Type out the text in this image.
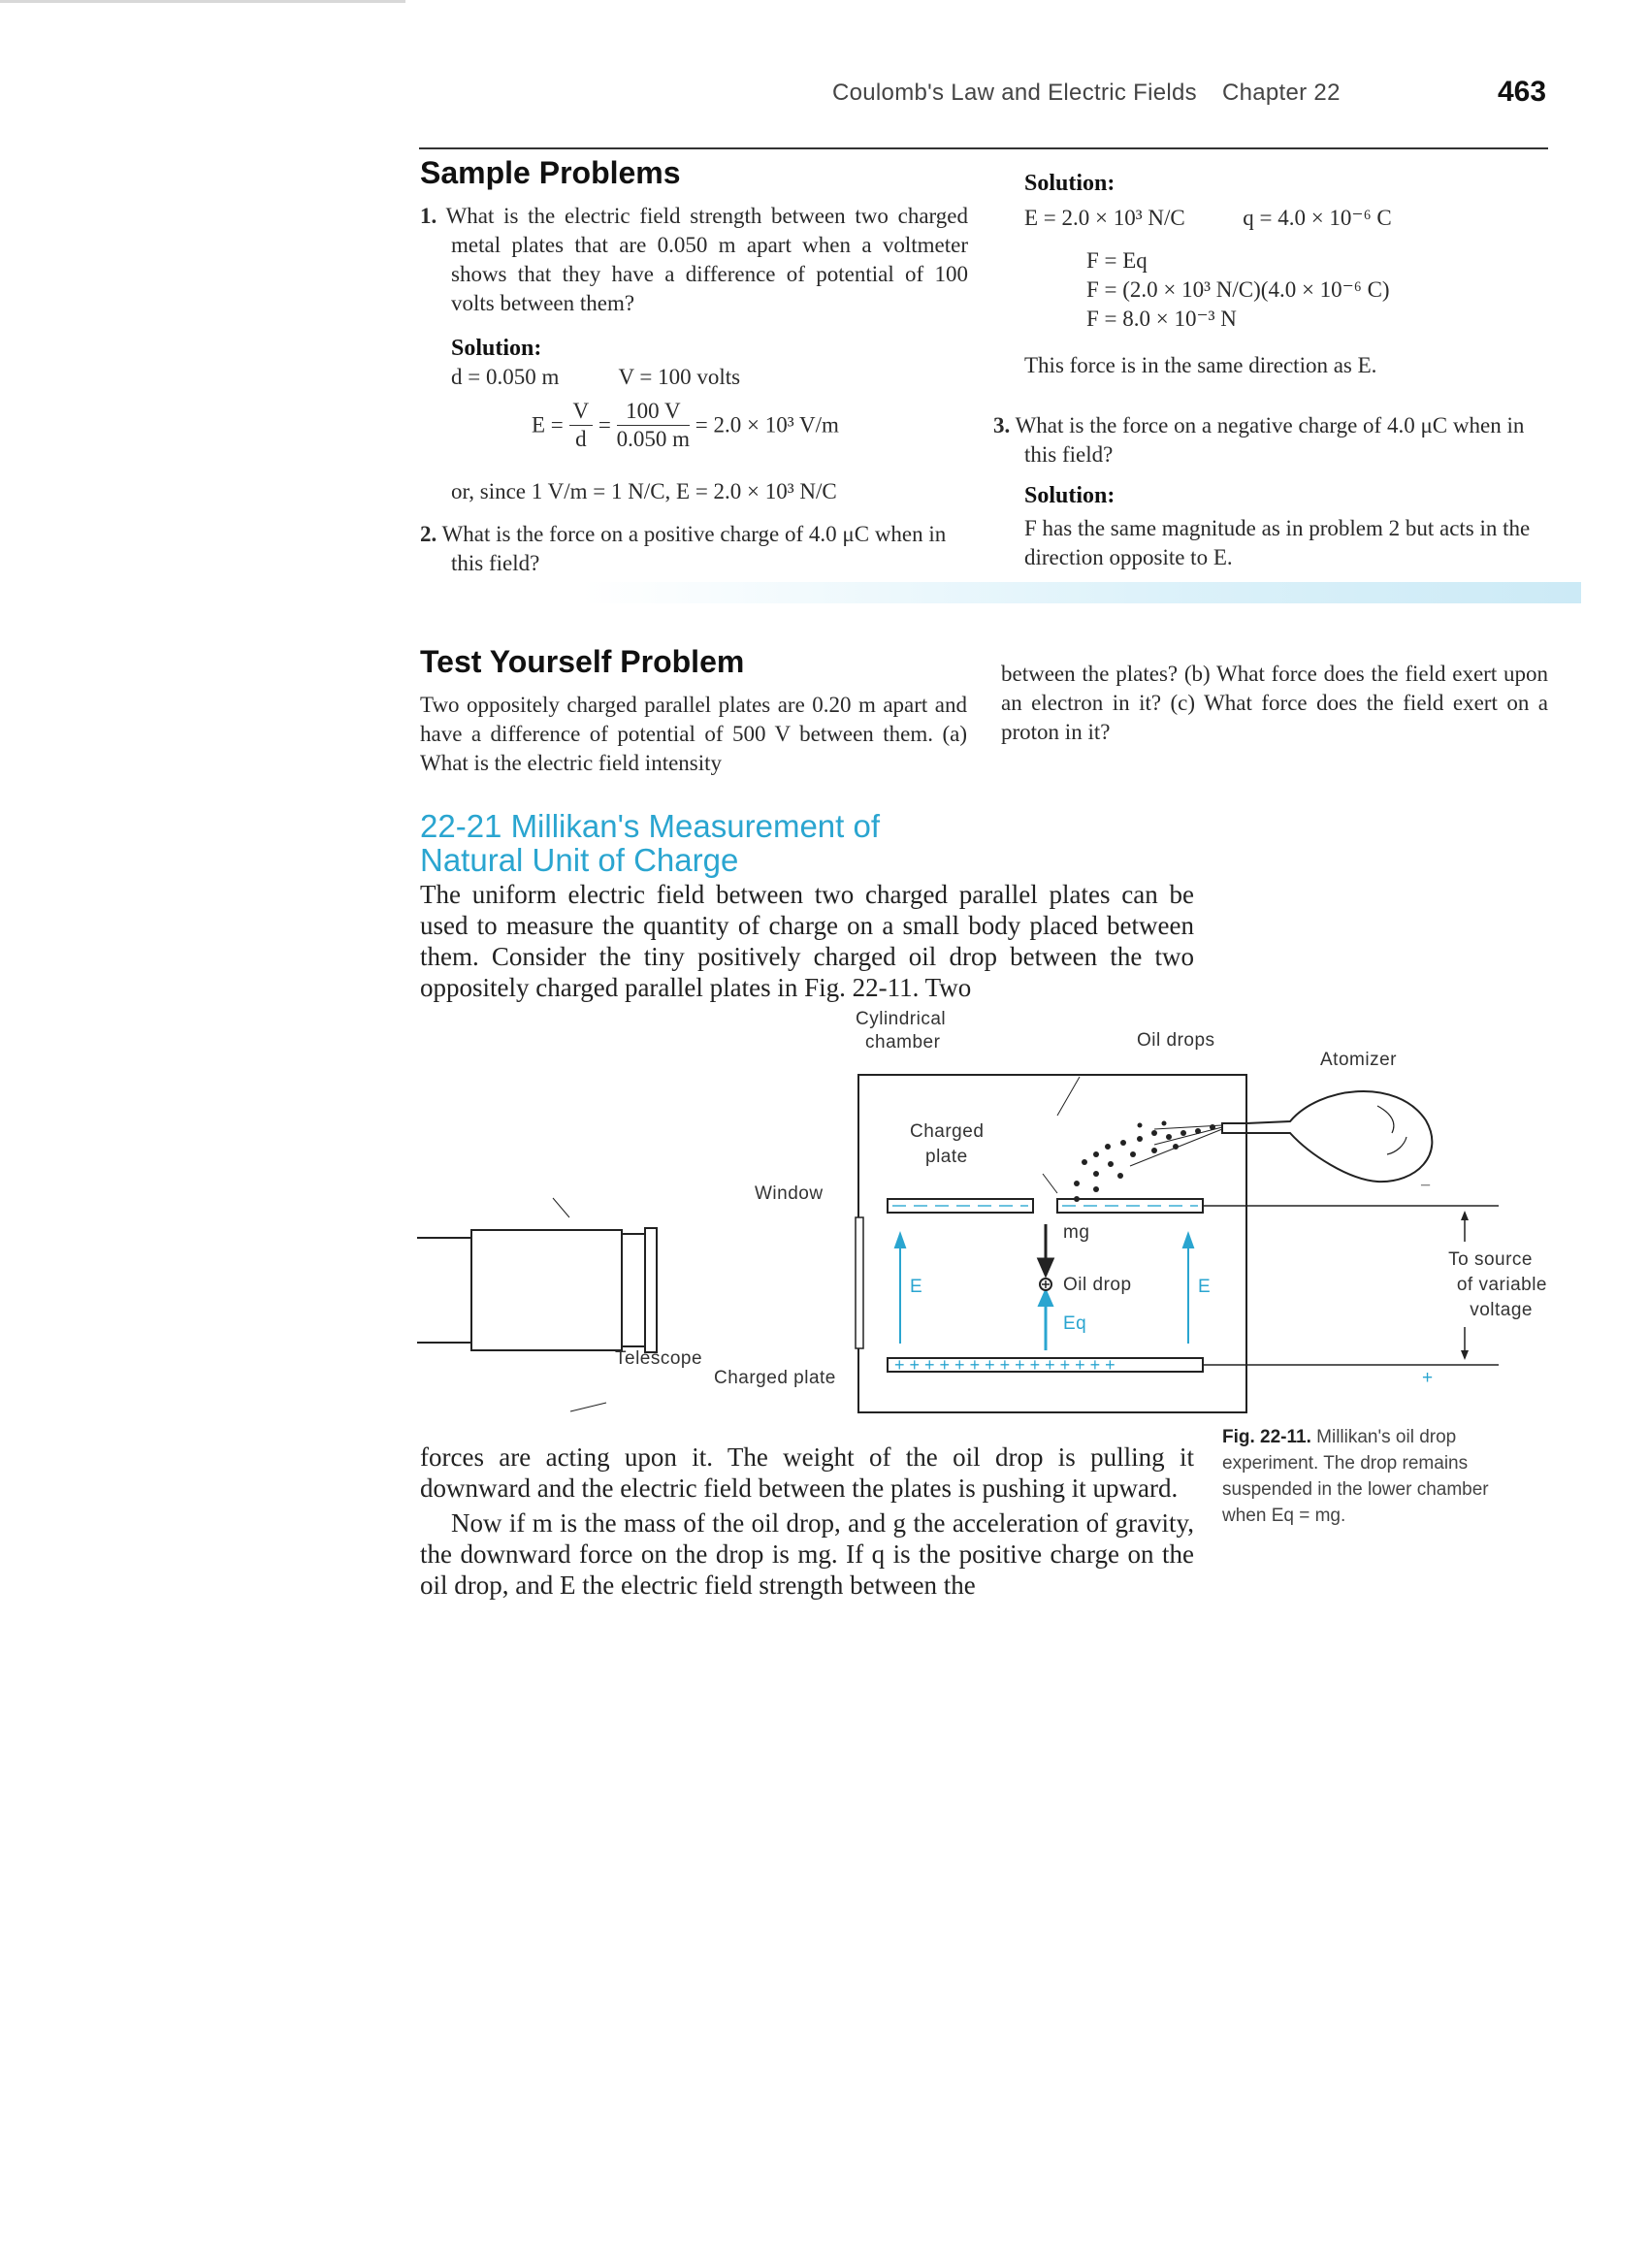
Coulomb's Law and Electric Fields Chapter 22	463
Sample Problems
1. What is the electric field strength between two charged metal plates that are 0.050 m apart when a voltmeter shows that they have a difference of potential of 100 volts between them?
Solution:
d = 0.050 m	V = 100 volts
$E = \frac{V}{d} = \frac{100 V}{0.050 m} = 2.0 \times 10^3$ V/m
or, since 1 V/m = 1 N/C, E = 2.0 × 10³ N/C
2. What is the force on a positive charge of 4.0 μC when in this field?
Solution:
E = 2.0 × 10³ N/C	q = 4.0 × 10⁻⁶ C
F = Eq
F = (2.0 × 10³ N/C)(4.0 × 10⁻⁶ C)
F = 8.0 × 10⁻³ N
This force is in the same direction as E.
3. What is the force on a negative charge of 4.0 μC when in this field?
Solution:
F has the same magnitude as in problem 2 but acts in the direction opposite to E.
Test Yourself Problem
Two oppositely charged parallel plates are 0.20 m apart and have a difference of potential of 500 V between them. (a) What is the electric field intensity
between the plates? (b) What force does the field exert upon an electron in it? (c) What force does the field exert on a proton in it?
22-21 Millikan's Measurement of
Natural Unit of Charge
The uniform electric field between two charged parallel plates can be used to measure the quantity of charge on a small body placed between them. Consider the tiny positively charged oil drop between the two oppositely charged parallel plates in Fig. 22-11. Two
+ + + + + + + + + + + + + + +
Cylindrical
chamber	Oil drops
Atomizer
Charged
plate
Window
mg
Oil drop
Eq
E	E
To source
of variable
voltage
−
+
Telescope
Charged plate
Fig. 22-11. Millikan's oil drop experiment. The drop remains suspended in the lower chamber when Eq = mg.

forces are acting upon it. The weight of the oil drop is pulling it downward and the electric field between the plates is pushing it upward.

Now if m is the mass of the oil drop, and g the acceleration of gravity, the downward force on the drop is mg. If q is the positive charge on the oil drop, and E the electric field strength between the
